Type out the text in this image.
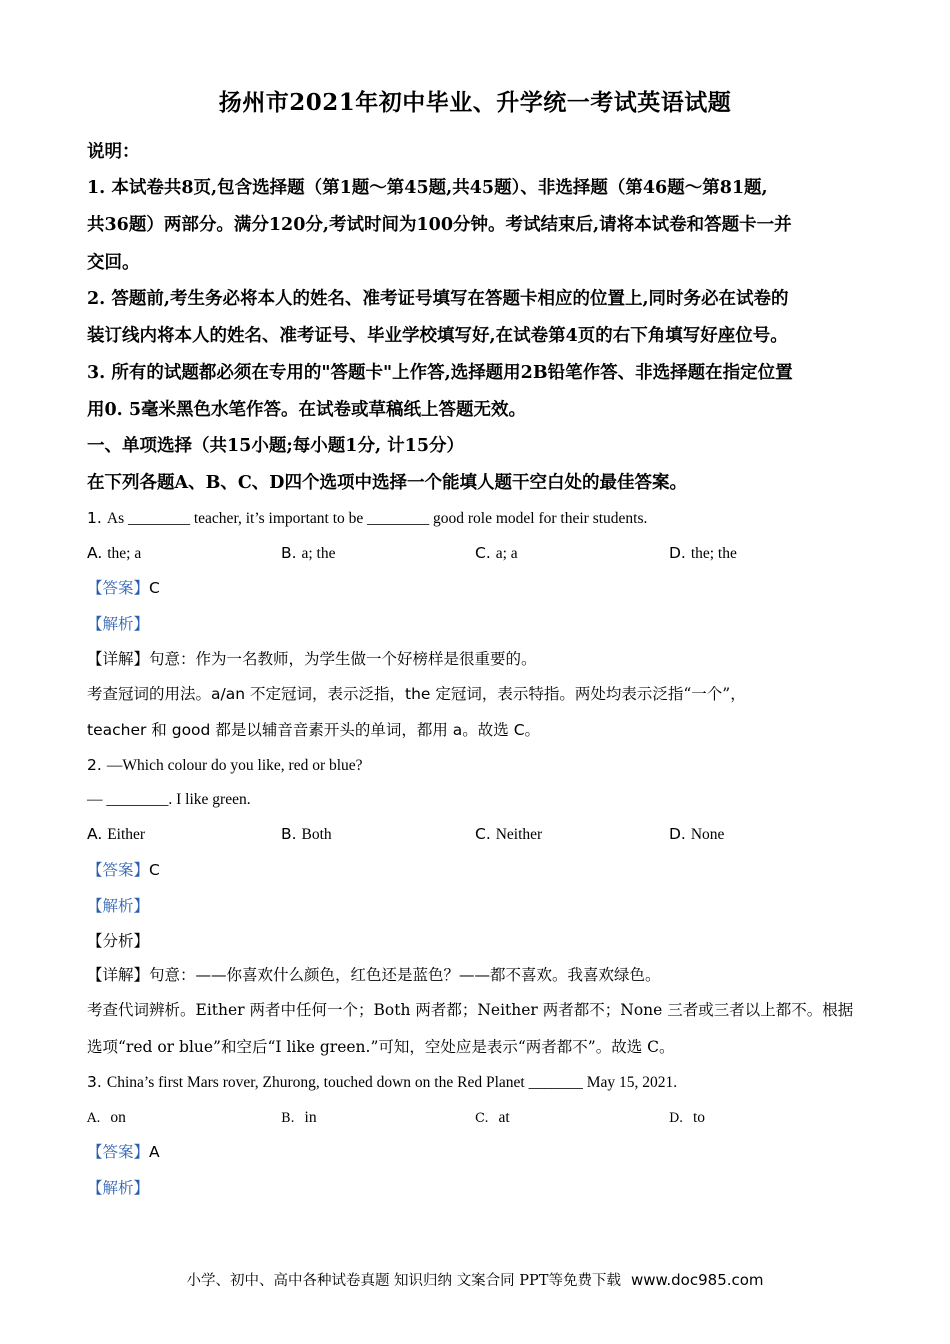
扬州市2021年初中毕业、升学统一考试英语试题
说明：
1. 本试卷共8页,包含选择题（第1题～第45题,共45题）、非选择题（第46题～第81题,
共36题）两部分。满分120分,考试时间为100分钟。考试结束后,请将本试卷和答题卡一并
交回。
2. 答题前,考生务必将本人的姓名、准考证号填写在答题卡相应的位置上,同时务必在试卷的
装订线内将本人的姓名、准考证号、毕业学校填写好,在试卷第4页的右下角填写好座位号。
3. 所有的试题都必须在专用的"答题卡"上作答,选择题用2B铅笔作答、非选择题在指定位置
用0. 5毫米黑色水笔作答。在试卷或草稿纸上答题无效。
一、单项选择（共15小题;每小题1分, 计15分）
在下列各题A、B、C、D四个选项中选择一个能填人题干空白处的最佳答案。
1. As ________ teacher, it’s important to be ________ good role model for their students.
A. the; a	B. a; the	C. a; a	D. the; the
【答案】C
【解析】
【详解】句意：作为一名教师，为学生做一个好榜样是很重要的。
考查冠词的用法。a/an 不定冠词，表示泛指，the 定冠词，表示特指。两处均表示泛指“一个”，
teacher 和 good 都是以辅音音素开头的单词，都用 a。故选 C。
2. —Which colour do you like, red or blue?
— ________. I like green.
A. Either	B. Both	C. Neither	D. None
【答案】C
【解析】
【分析】
【详解】句意：——你喜欢什么颜色，红色还是蓝色？——都不喜欢。我喜欢绿色。
考查代词辨析。Either 两者中任何一个；Both 两者都；Neither 两者都不；None 三者或三者以上都不。根据
选项“red or blue”和空后“I like green.”可知，空处应是表示“两者都不”。故选 C。
3. China’s first Mars rover, Zhurong, touched down on the Red Planet _______ May 15, 2021.
A. on	B. in	C. at	D. to
【答案】A
【解析】
小学、初中、高中各种试卷真题 知识归纳 文案合同 PPT等免费下载 www.doc985.com
